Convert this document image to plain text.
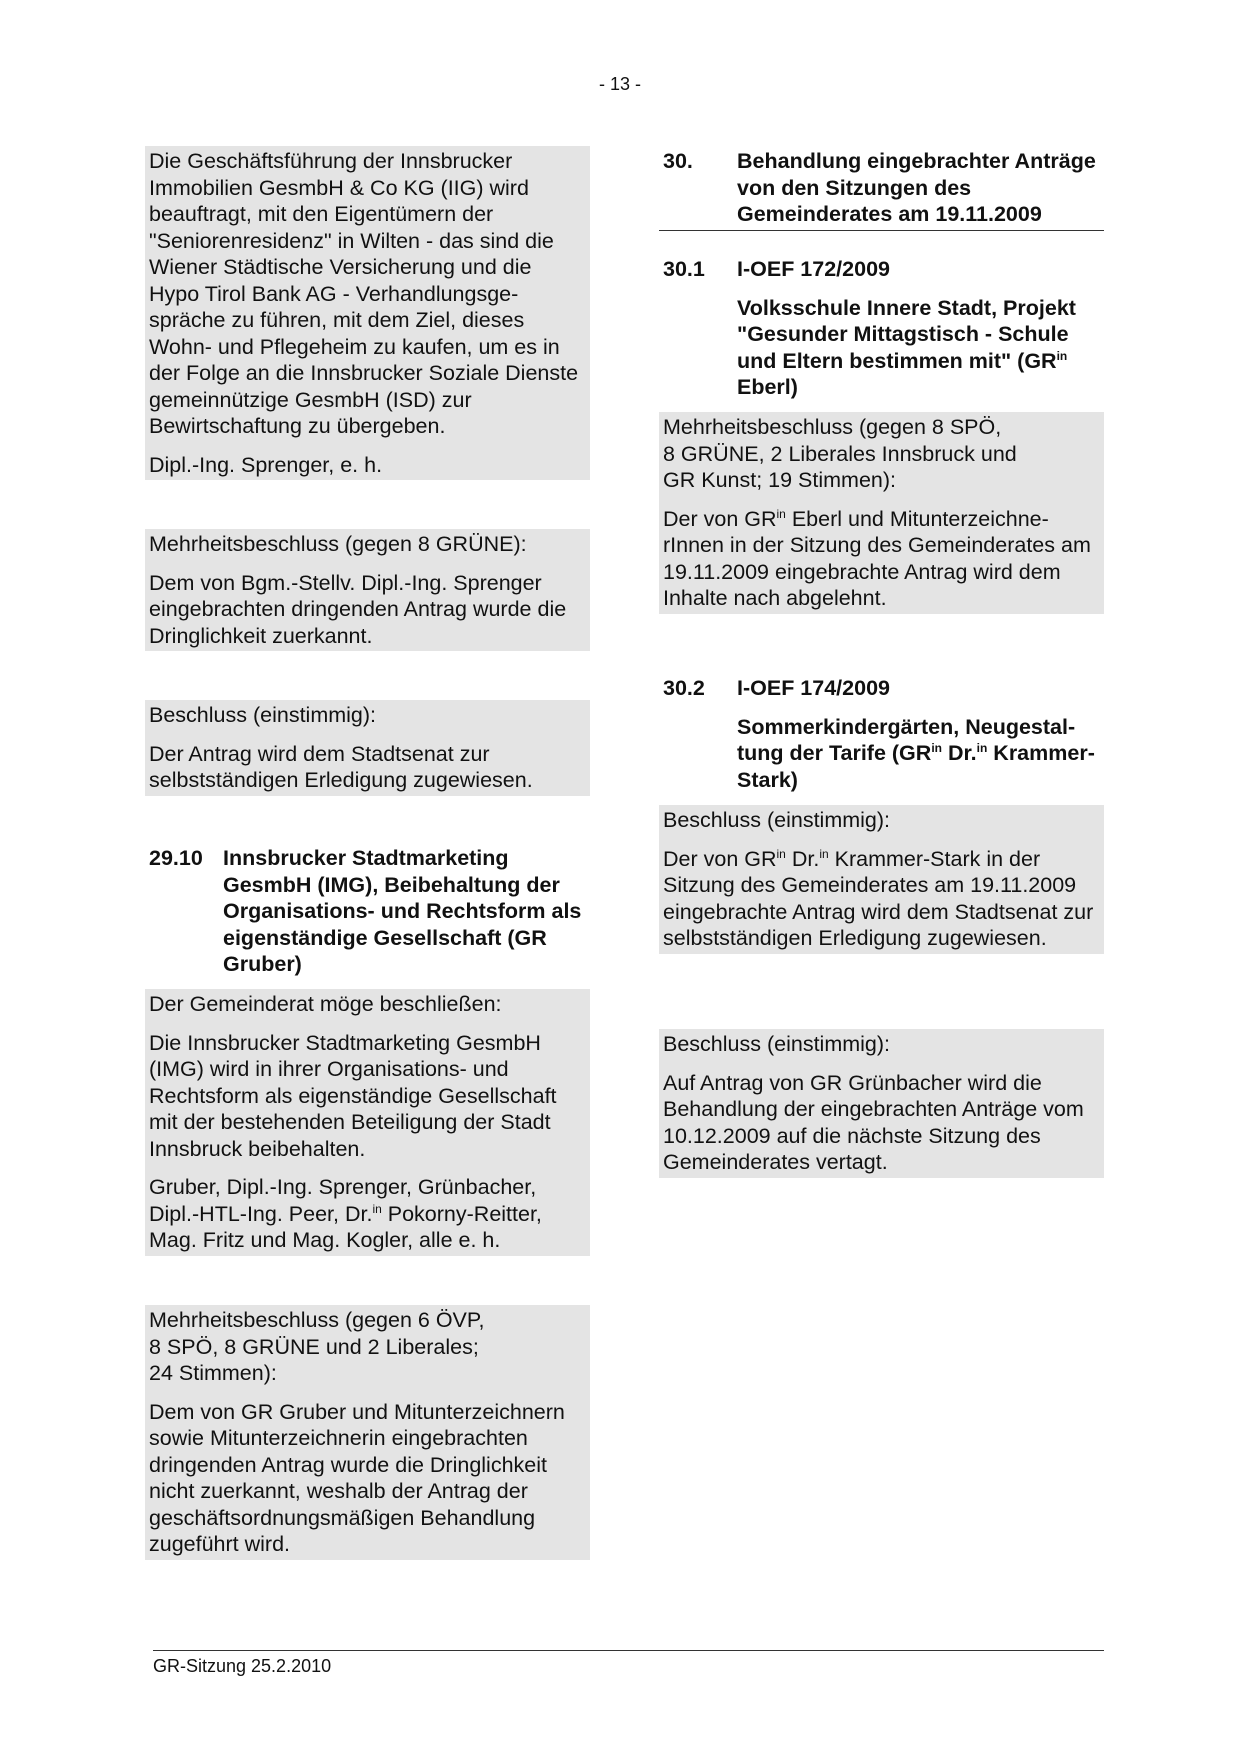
- 13 -

Die Geschäftsführung der Innsbrucker Immobilien GesmbH & Co KG (IIG) wird beauftragt, mit den Eigentümern der "Seniorenresidenz" in Wilten - das sind die Wiener Städtische Versicherung und die Hypo Tirol Bank AG - Verhandlungsgespräche zu führen, mit dem Ziel, dieses Wohn- und Pflegeheim zu kaufen, um es in der Folge an die Innsbrucker Soziale Dienste gemeinnützige GesmbH (ISD) zur Bewirtschaftung zu übergeben.

Dipl.-Ing. Sprenger, e. h.

Mehrheitsbeschluss (gegen 8 GRÜNE):

Dem von Bgm.-Stellv. Dipl.-Ing. Sprenger eingebrachten dringenden Antrag wurde die Dringlichkeit zuerkannt.

Beschluss (einstimmig):

Der Antrag wird dem Stadtsenat zur selbstständigen Erledigung zugewiesen.

29.10 Innsbrucker Stadtmarketing GesmbH (IMG), Beibehaltung der Organisations- und Rechtsform als eigenständige Gesellschaft (GR Gruber)

Der Gemeinderat möge beschließen:

Die Innsbrucker Stadtmarketing GesmbH (IMG) wird in ihrer Organisations- und Rechtsform als eigenständige Gesellschaft mit der bestehenden Beteiligung der Stadt Innsbruck beibehalten.

Gruber, Dipl.-Ing. Sprenger, Grünbacher, Dipl.-HTL-Ing. Peer, Dr.$^{in}$ Pokorny-Reitter, Mag. Fritz und Mag. Kogler, alle e. h.

Mehrheitsbeschluss (gegen 6 ÖVP,
8 SPÖ, 8 GRÜNE und 2 Liberales;
24 Stimmen):

Dem von GR Gruber und Mitunterzeichnern sowie Mitunterzeichnerin eingebrachten dringenden Antrag wurde die Dringlichkeit nicht zuerkannt, weshalb der Antrag der geschäftsordnungsmäßigen Behandlung zugeführt wird.

30. Behandlung eingebrachter Anträge von den Sitzungen des Gemeinderates am 19.11.2009
30.1 I-OEF 172/2009
Volksschule Innere Stadt, Projekt "Gesunder Mittagstisch - Schule und Eltern bestimmen mit" ($GR^{in}$ Eberl)

Mehrheitsbeschluss (gegen 8 SPÖ,
8 GRÜNE, 2 Liberales Innsbruck und
GR Kunst; 19 Stimmen):

Der von $GR^{in}$ Eberl und MitunterzeichnerInnen in der Sitzung des Gemeinderates am 19.11.2009 eingebrachte Antrag wird dem Inhalte nach abgelehnt.

30.2 I-OEF 174/2009
Sommerkindergärten, Neugestaltung der Tarife ($GR^{in}$ Dr.$^{in}$ Krammer-Stark)

Beschluss (einstimmig):

Der von $GR^{in}$ Dr.$^{in}$ Krammer-Stark in der Sitzung des Gemeinderates am 19.11.2009 eingebrachte Antrag wird dem Stadtsenat zur selbstständigen Erledigung zugewiesen.

Beschluss (einstimmig):

Auf Antrag von GR Grünbacher wird die Behandlung der eingebrachten Anträge vom 10.12.2009 auf die nächste Sitzung des Gemeinderates vertagt.

GR-Sitzung 25.2.2010
